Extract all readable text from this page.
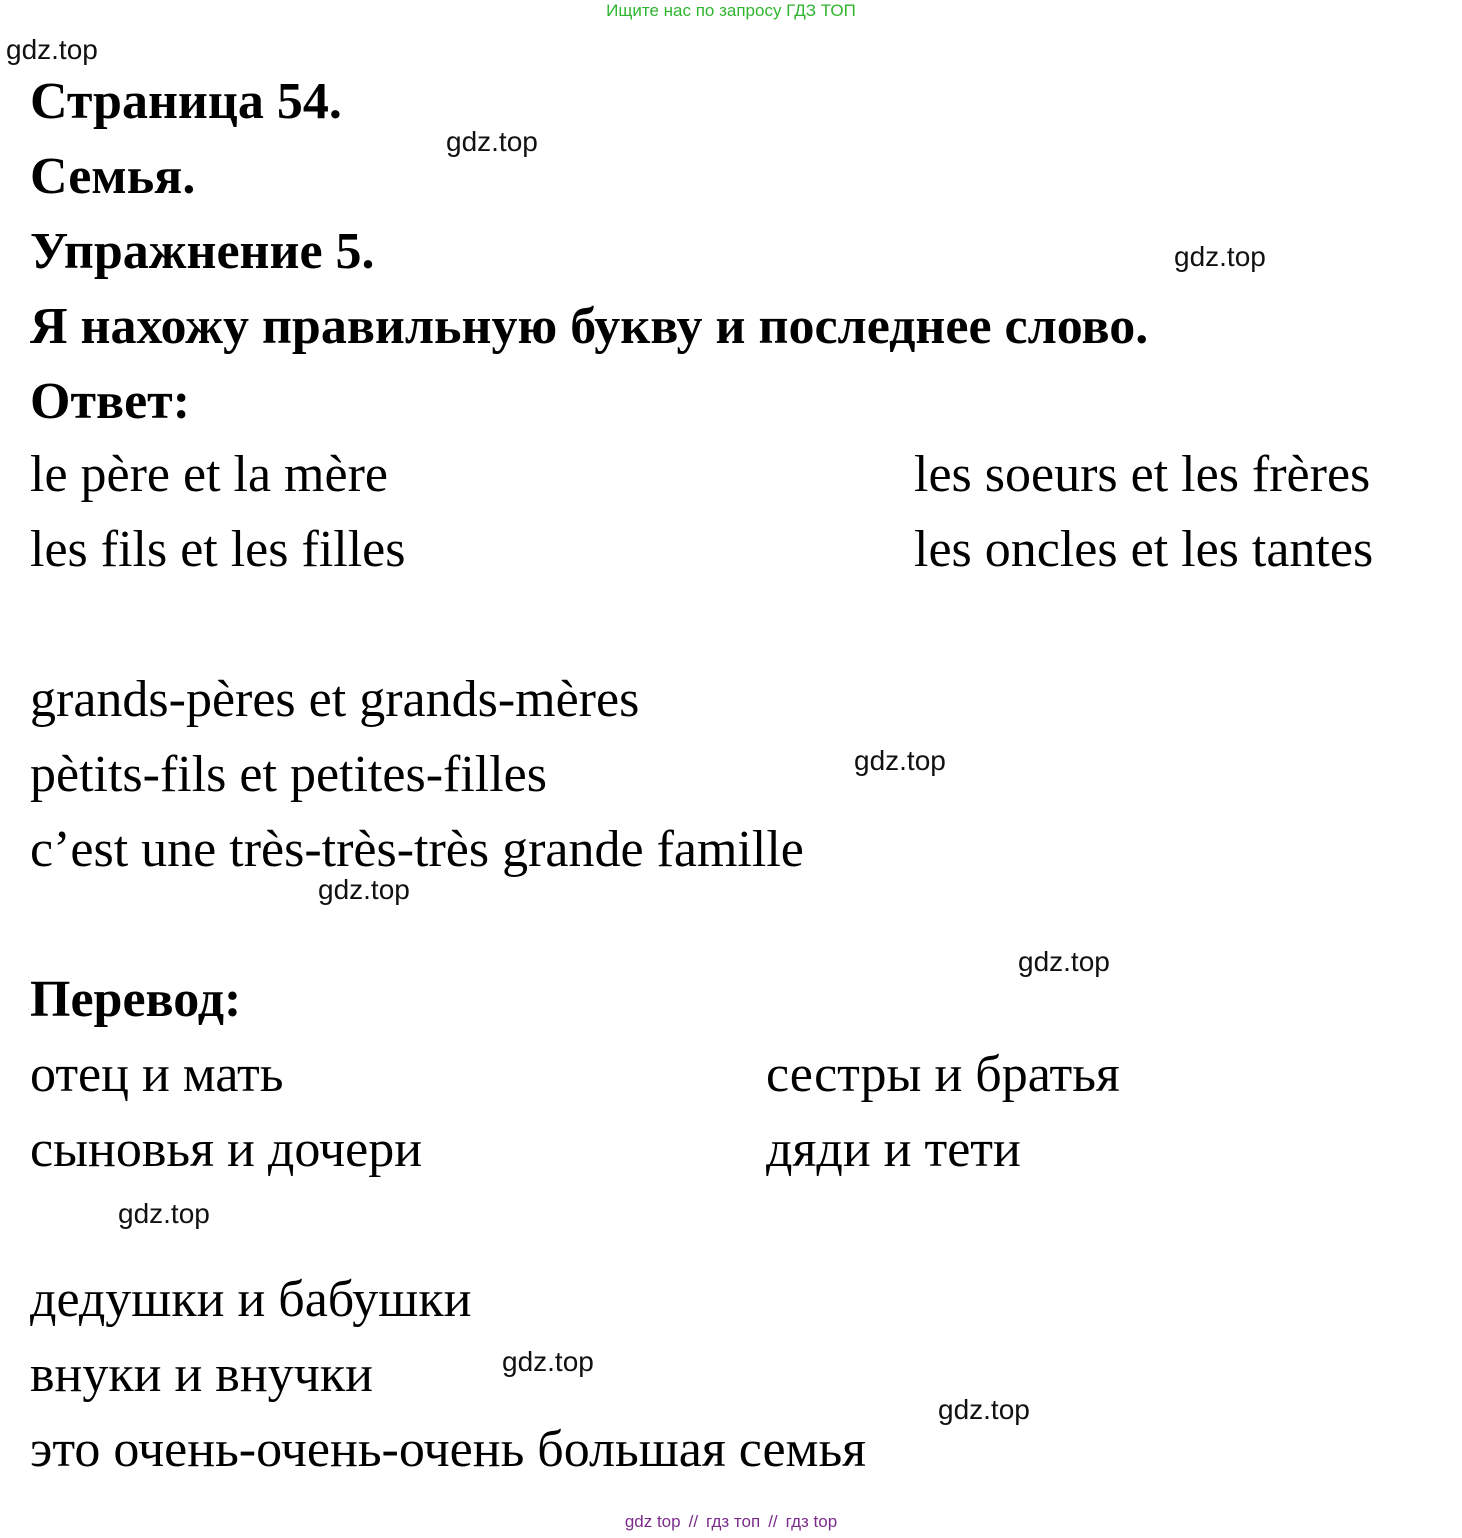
Ищите нас по запросу ГДЗ ТОП
gdz.top
gdz.top
gdz.top
gdz.top
gdz.top
gdz.top
gdz.top
gdz.top
gdz.top
Страница 54.
Семья.
Упражнение 5.
Я нахожу правильную букву и последнее слово.
Ответ:
le père et la mère
les fils et les filles
les soeurs et les frères
les oncles et les tantes
grands-pères et grands-mères
pètits-fils et petites-filles
c’est une très-très-très grande famille
Перевод:
отец и мать
сыновья и дочери
сестры и братья
дяди и тети
дедушки и бабушки
внуки и внучки
это очень-очень-очень большая семья
gdz top // гдз топ // гдз top
